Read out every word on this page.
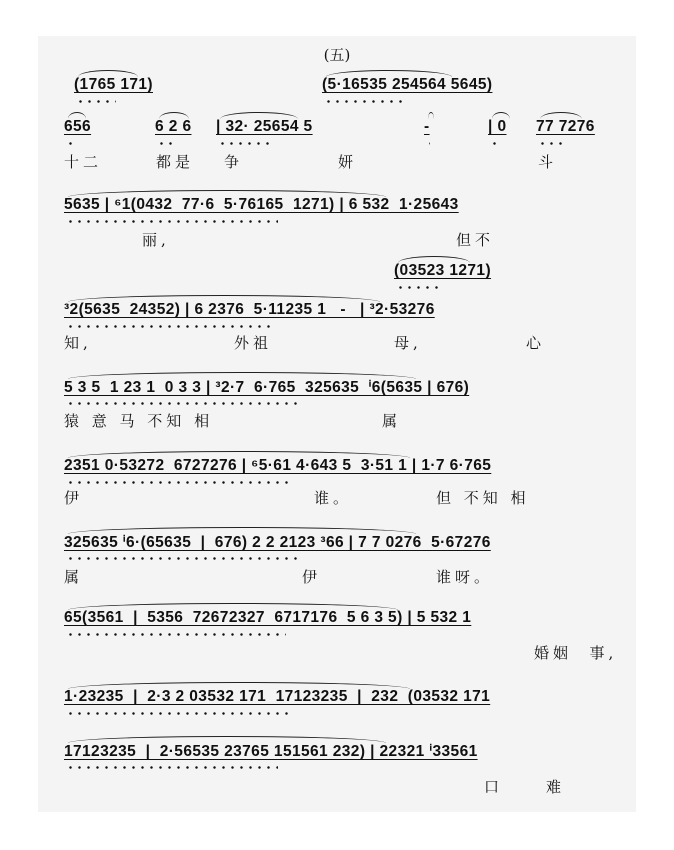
(五)
(1765 171)	(5·16535 254564 5645)
656	6 2 6 | 32· 25654 5	-	| 0 77 7276
十二	都是 争	妍	斗
5635 | ⁶1(0432  77·6  5·76165  1271) | 6 532  1·25643
丽,	但不
(03523 1271)
³2(5635  24352) | 6 2376  5·11235 1   -   | ³2·53276
知,	外祖	母,	心
5 3 5  1 23 1  0 3 3 | ³2·7  6·765  325635  ⁱ6(5635 | 676)
猿 意 马 不知 相	属
2351 0·53272  6727276 | ⁶5·61 4·643 5  3·51 1 | 1·7 6·765
伊	谁。	但 不知 相
325635 ⁱ6·(65635  |  676) 2 2 2123 ³66 | 7 7 0276  5·67276
属	伊	谁呀。
65(3561  |  5356  72672327  6717176  5 6 3 5) | 5 532 1
婚姻  事,
1·23235  |  2·3 2 03532 171  17123235  |  232  (03532 171
17123235  |  2·56535 23765 151561 232) | 22321 ⁱ33561
口	难
